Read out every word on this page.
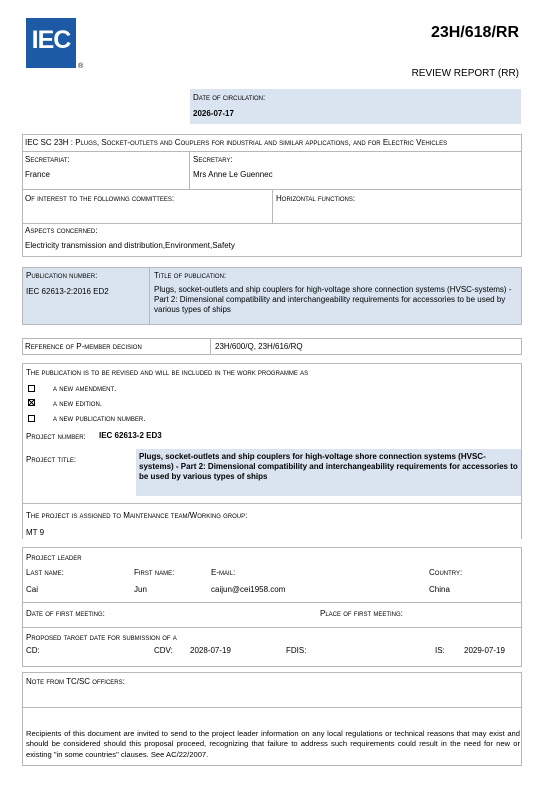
IEC
®
23H/618/RR
REVIEW REPORT (RR)
Date of circulation:
2026-07-17
IEC SC 23H : Plugs, Socket-outlets and Couplers for industrial and similar applications, and for Electric Vehicles
Secretariat:
France
Secretary:
Mrs Anne Le Guennec
Of interest to the following committees:	Horizontal functions:
Aspects concerned:
Electricity transmission and distribution,Environment,Safety
Publication number:
IEC 62613-2:2016 ED2
Title of publication:
Plugs, socket-outlets and ship couplers for high-voltage shore connection systems (HVSC-systems) - Part 2: Dimensional compatibility and interchangeability requirements for accessories to be used by various types of ships
Reference of P-member decision	23H/600/Q, 23H/616/RQ
The publication is to be revised and will be included in the work programme as
a new amendment.
a new edition.
a new publication number.
Project number: IEC 62613-2 ED3
Project title:	Plugs, socket-outlets and ship couplers for high-voltage shore connection systems (HVSC-systems) - Part 2: Dimensional compatibility and interchangeability requirements for accessories to be used by various types of ships
The project is assigned to Maintenance team/Working group:
MT 9
Project leader
Last name:	First name:	E-mail:	Country:
Cai	Jun	caijun@cei1958.com	China
Date of first meeting:	Place of first meeting:
Proposed target date for submission of a
CD:	CDV: 2028-07-19	FDIS:	IS: 2029-07-19
Note from TC/SC officers:
Recipients of this document are invited to send to the project leader information on any local regulations or technical reasons that may exist and should be considered should this proposal proceed, recognizing that failure to address such requirements could result in the need for new or existing "in some countries" clauses. See AC/22/2007.
